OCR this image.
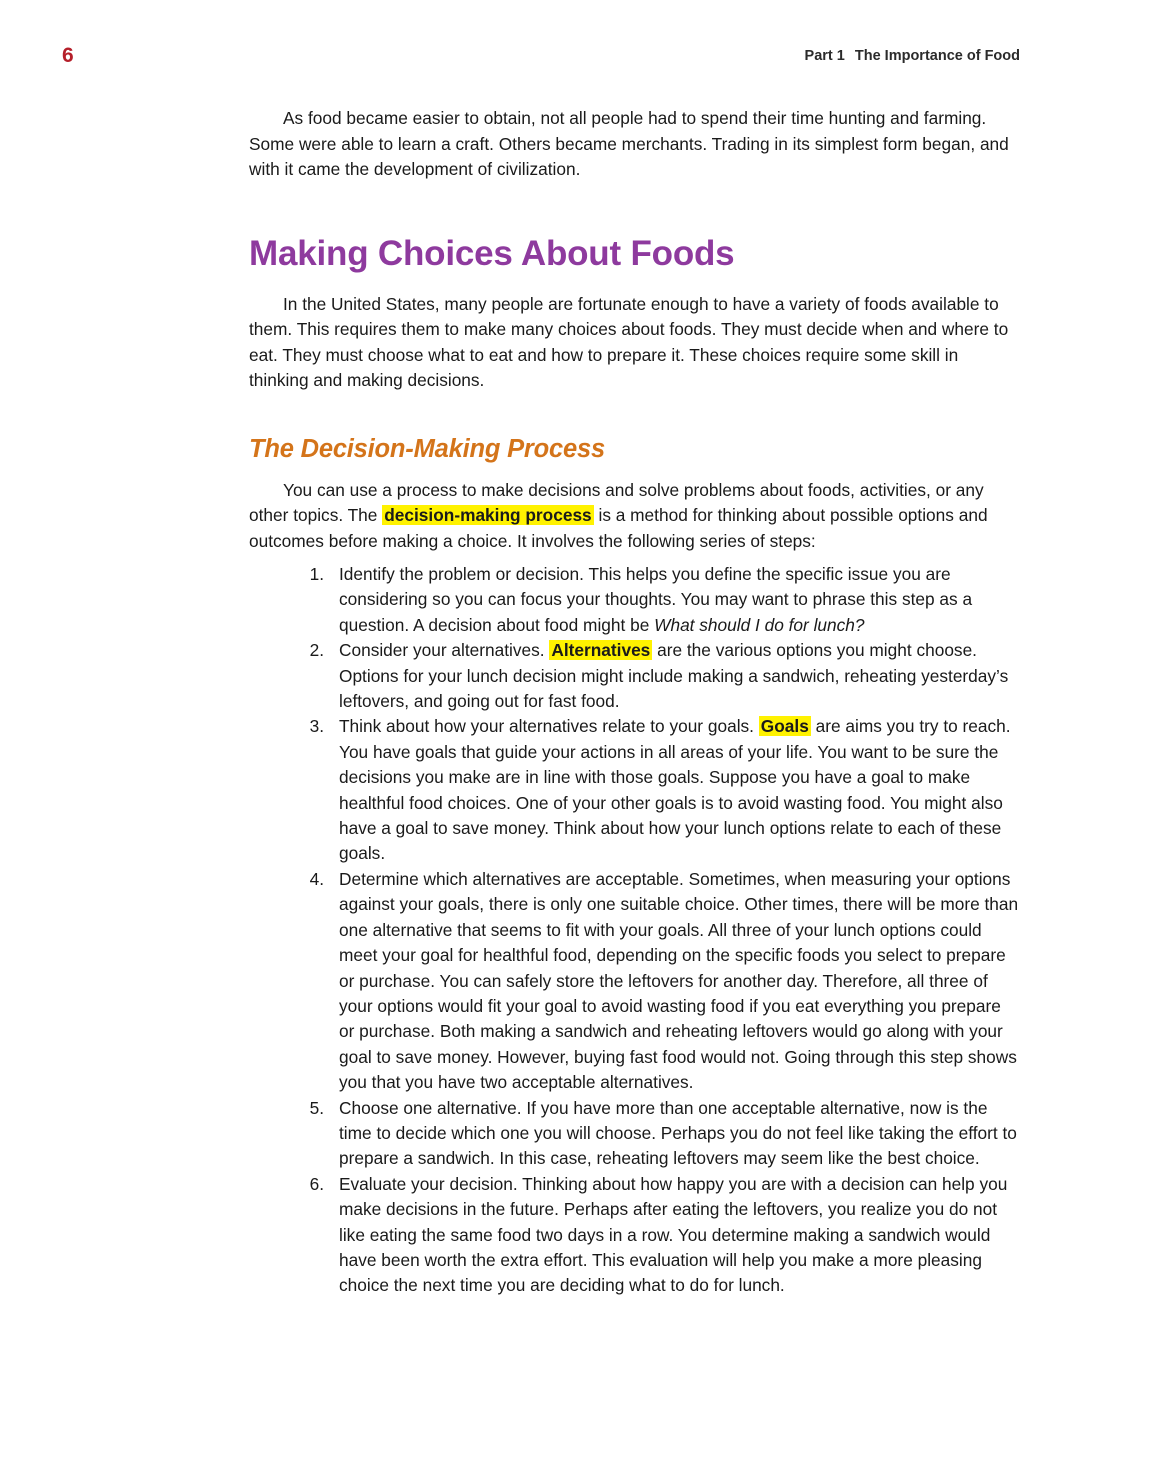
6	Part 1 The Importance of Food

As food became easier to obtain, not all people had to spend their time hunting and farming. Some were able to learn a craft. Others became merchants. Trading in its simplest form began, and with it came the development of civilization.

Making Choices About Foods

In the United States, many people are fortunate enough to have a variety of foods available to them. This requires them to make many choices about foods. They must decide when and where to eat. They must choose what to eat and how to prepare it. These choices require some skill in thinking and making decisions.

The Decision-Making Process

You can use a process to make decisions and solve problems about foods, activities, or any other topics. The decision-making process is a method for thinking about possible options and outcomes before making a choice. It involves the following series of steps:

1. Identify the problem or decision. This helps you define the specific issue you are considering so you can focus your thoughts. You may want to phrase this step as a question. A decision about food might be What should I do for lunch?
2. Consider your alternatives. Alternatives are the various options you might choose. Options for your lunch decision might include making a sandwich, reheating yesterday’s leftovers, and going out for fast food.
3. Think about how your alternatives relate to your goals. Goals are aims you try to reach. You have goals that guide your actions in all areas of your life. You want to be sure the decisions you make are in line with those goals. Suppose you have a goal to make healthful food choices. One of your other goals is to avoid wasting food. You might also have a goal to save money. Think about how your lunch options relate to each of these goals.
4. Determine which alternatives are acceptable. Sometimes, when measuring your options against your goals, there is only one suitable choice. Other times, there will be more than one alternative that seems to fit with your goals. All three of your lunch options could meet your goal for healthful food, depending on the specific foods you select to prepare or purchase. You can safely store the leftovers for another day. Therefore, all three of your options would fit your goal to avoid wasting food if you eat everything you prepare or purchase. Both making a sandwich and reheating leftovers would go along with your goal to save money. However, buying fast food would not. Going through this step shows you that you have two acceptable alternatives.
5. Choose one alternative. If you have more than one acceptable alternative, now is the time to decide which one you will choose. Perhaps you do not feel like taking the effort to prepare a sandwich. In this case, reheating leftovers may seem like the best choice.
6. Evaluate your decision. Thinking about how happy you are with a decision can help you make decisions in the future. Perhaps after eating the leftovers, you realize you do not like eating the same food two days in a row. You determine making a sandwich would have been worth the extra effort. This evaluation will help you make a more pleasing choice the next time you are deciding what to do for lunch.
